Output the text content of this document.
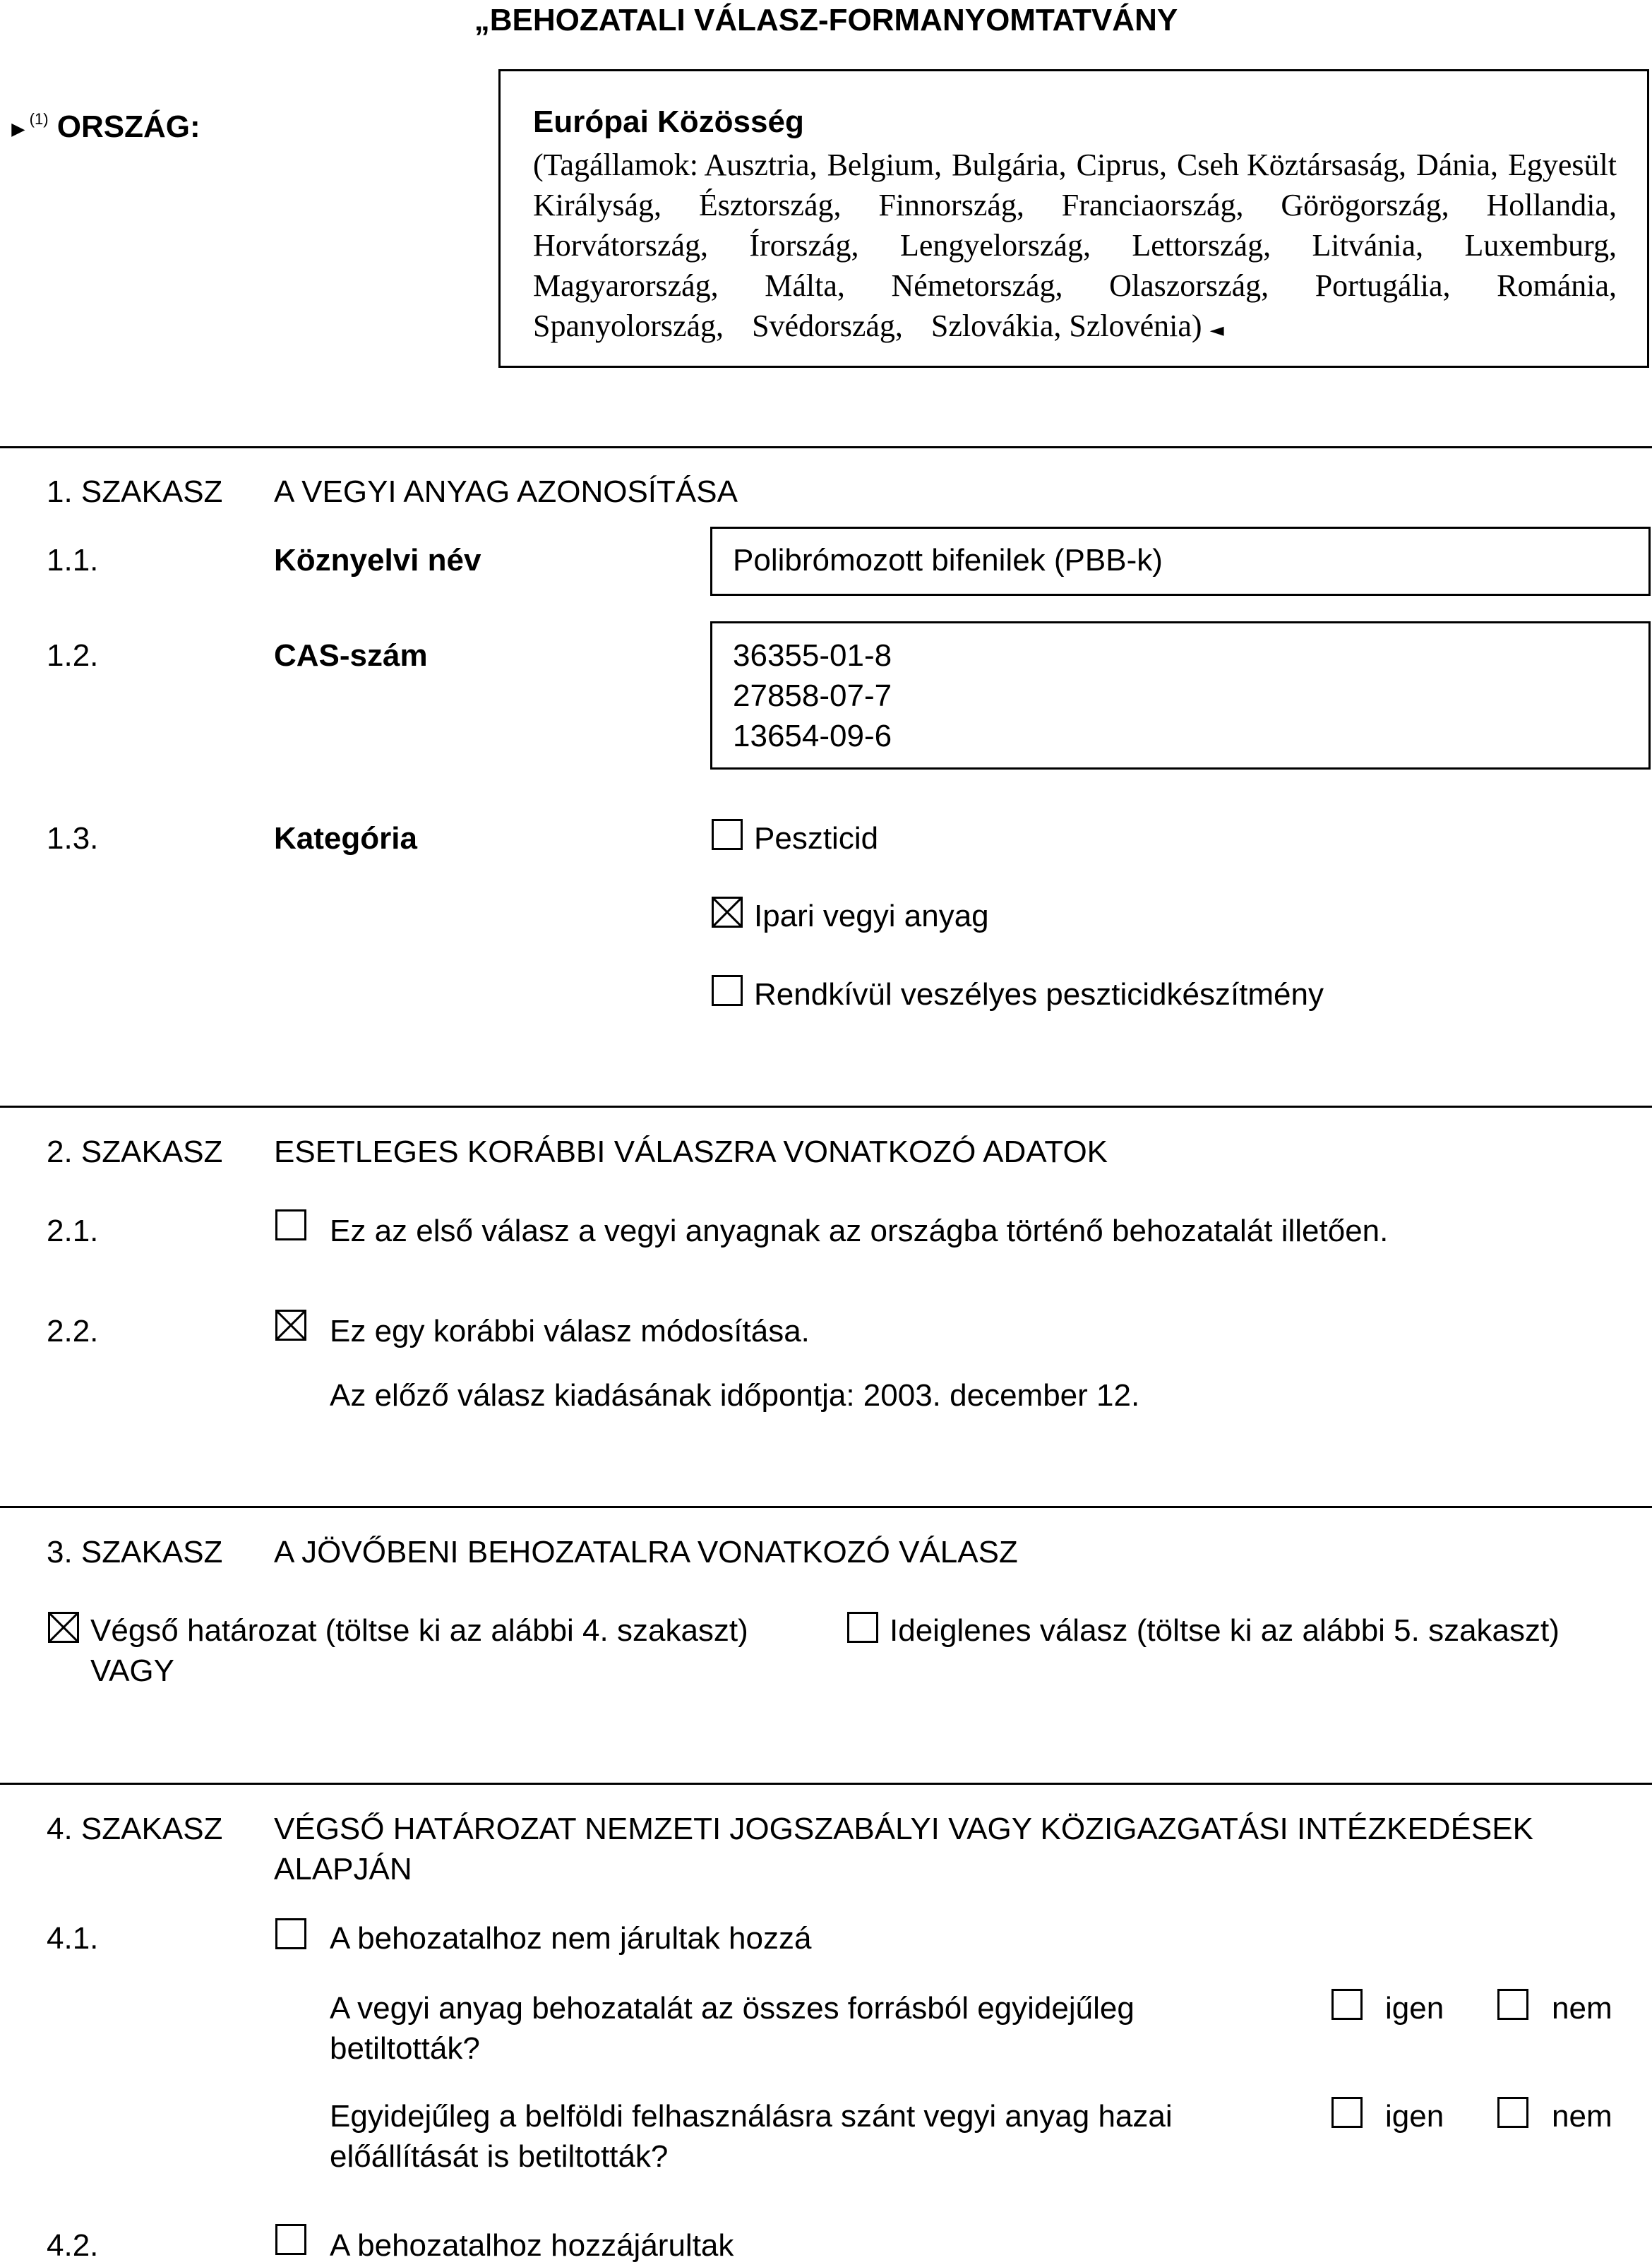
„BEHOZATALI VÁLASZ-FORMANYOMTATVÁNY
►$^{(1)}$ ORSZÁG:	Európai Közösség
(Tagállamok: Ausztria, Belgium, Bulgária, Ciprus, Cseh Köztársaság, Dánia, Egyesült
Királyság, Észtország, Finnország, Franciaország, Görögország, Hollandia,
Horvátország, Írország, Lengyelország, Lettország, Litvánia, Luxemburg,
Magyarország, Málta, Németország, Olaszország, Portugália, Románia,
Spanyolország, Svédország, Szlovákia, Szlovénia) ◄
1. SZAKASZ A VEGYI ANYAG AZONOSÍTÁSA
1.1.	Köznyelvi név	Polibrómozott bifenilek (PBB-k)
1.2.	CAS-szám	36355-01-8
27858-07-7
13654-09-6
1.3.	Kategória	Peszticid
Ipari vegyi anyag
Rendkívül veszélyes peszticidkészítmény
2. SZAKASZ ESETLEGES KORÁBBI VÁLASZRA VONATKOZÓ ADATOK
2.1.	Ez az első válasz a vegyi anyagnak az országba történő behozatalát illetően.
2.2.	Ez egy korábbi válasz módosítása.
Az előző válasz kiadásának időpontja: 2003. december 12.
3. SZAKASZ A JÖVŐBENI BEHOZATALRA VONATKOZÓ VÁLASZ
Végső határozat (töltse ki az alábbi 4. szakaszt)
VAGY
Ideiglenes válasz (töltse ki az alábbi 5. szakaszt)
4. SZAKASZ VÉGSŐ HATÁROZAT NEMZETI JOGSZABÁLYI VAGY KÖZIGAZGATÁSI INTÉZKEDÉSEK
ALAPJÁN
4.1.	A behozatalhoz nem járultak hozzá
A vegyi anyag behozatalát az összes forrásból egyidejűleg
betiltották?
igen	nem
Egyidejűleg a belföldi felhasználásra szánt vegyi anyag hazai
előállítását is betiltották?
igen	nem
4.2.	A behozatalhoz hozzájárultak
